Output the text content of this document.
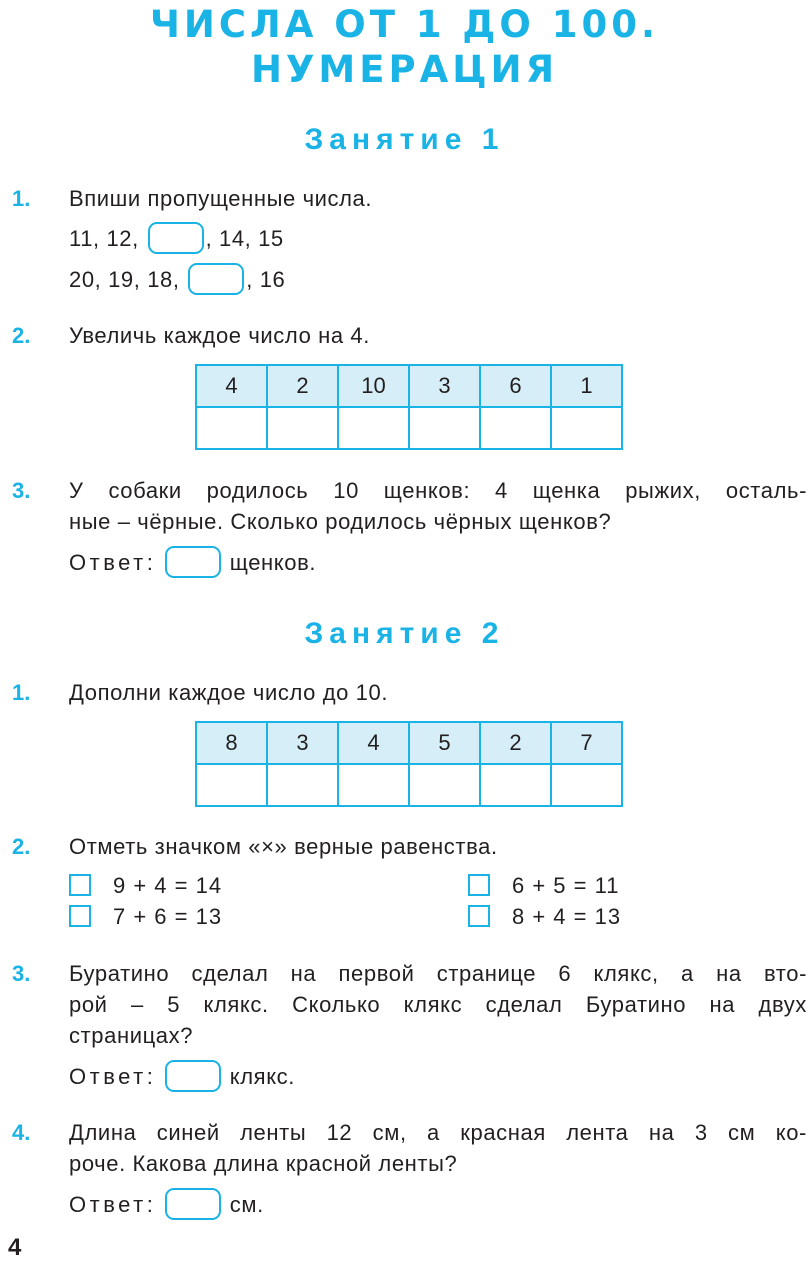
ЧИСЛА ОТ 1 ДО 100.
НУМЕРАЦИЯ
Занятие 1
1. Впиши пропущенные числа.
11, 12,	, 14, 15
20, 19, 18,	, 16
2. Увеличь каждое число на 4.
4	2	10	3	6	1

3. У собаки родилось 10 щенков: 4 щенка рыжих, осталь-
ные – чёрные. Сколько родилось чёрных щенков?
Ответ:	щенков.
Занятие 2
1. Дополни каждое число до 10.
8	3	4	5	2	7

2. Отметь значком «×» верные равенства.
9 + 4 = 14
7 + 6 = 13
6 + 5 = 11
8 + 4 = 13
3. Буратино сделал на первой странице 6 клякс, а на вто-
рой – 5 клякс. Сколько клякс сделал Буратино на двух
страницах?
Ответ:	клякс.
4. Длина синей ленты 12 см, а красная лента на 3 см ко-
роче. Какова длина красной ленты?
Ответ:	см.
4
